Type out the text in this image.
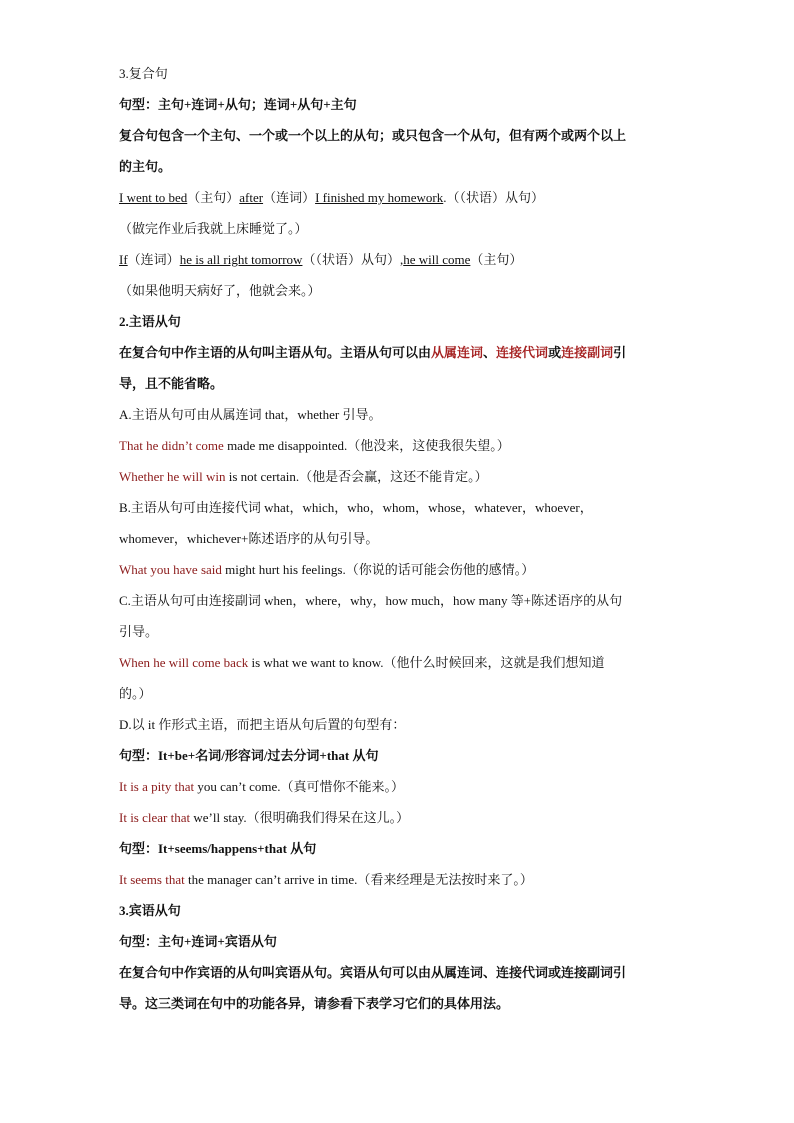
3.复合句
句型：主句+连词+从句；连词+从句+主句
复合句包含一个主句、一个或一个以上的从句；或只包含一个从句，但有两个或两个以上
的主句。
I went to bed（主句）after（连词）I finished my homework.（（状语）从句）
（做完作业后我就上床睡觉了。）
If（连词）he is all right tomorrow（（状语）从句）,he will come（主句）
（如果他明天病好了，他就会来。）
2.主语从句
在复合句中作主语的从句叫主语从句。主语从句可以由从属连词、连接代词或连接副词引
导，且不能省略。
A.主语从句可由从属连词 that，whether 引导。
That he didn’t come made me disappointed.（他没来，这使我很失望。）
Whether he will win is not certain.（他是否会赢，这还不能肯定。）
B.主语从句可由连接代词 what，which，who，whom，whose，whatever，whoever，
whomever，whichever+陈述语序的从句引导。
What you have said might hurt his feelings.（你说的话可能会伤他的感情。）
C.主语从句可由连接副词 when，where，why，how much，how many 等+陈述语序的从句
引导。
When he will come back is what we want to know.（他什么时候回来，这就是我们想知道
的。）
D.以 it 作形式主语，而把主语从句后置的句型有：
句型：It+be+名词/形容词/过去分词+that 从句
It is a pity that you can’t come.（真可惜你不能来。）
It is clear that we’ll stay.（很明确我们得呆在这儿。）
句型：It+seems/happens+that 从句
It seems that the manager can’t arrive in time.（看来经理是无法按时来了。）
3.宾语从句
句型：主句+连词+宾语从句
在复合句中作宾语的从句叫宾语从句。宾语从句可以由从属连词、连接代词或连接副词引
导。这三类词在句中的功能各异，请参看下表学习它们的具体用法。
